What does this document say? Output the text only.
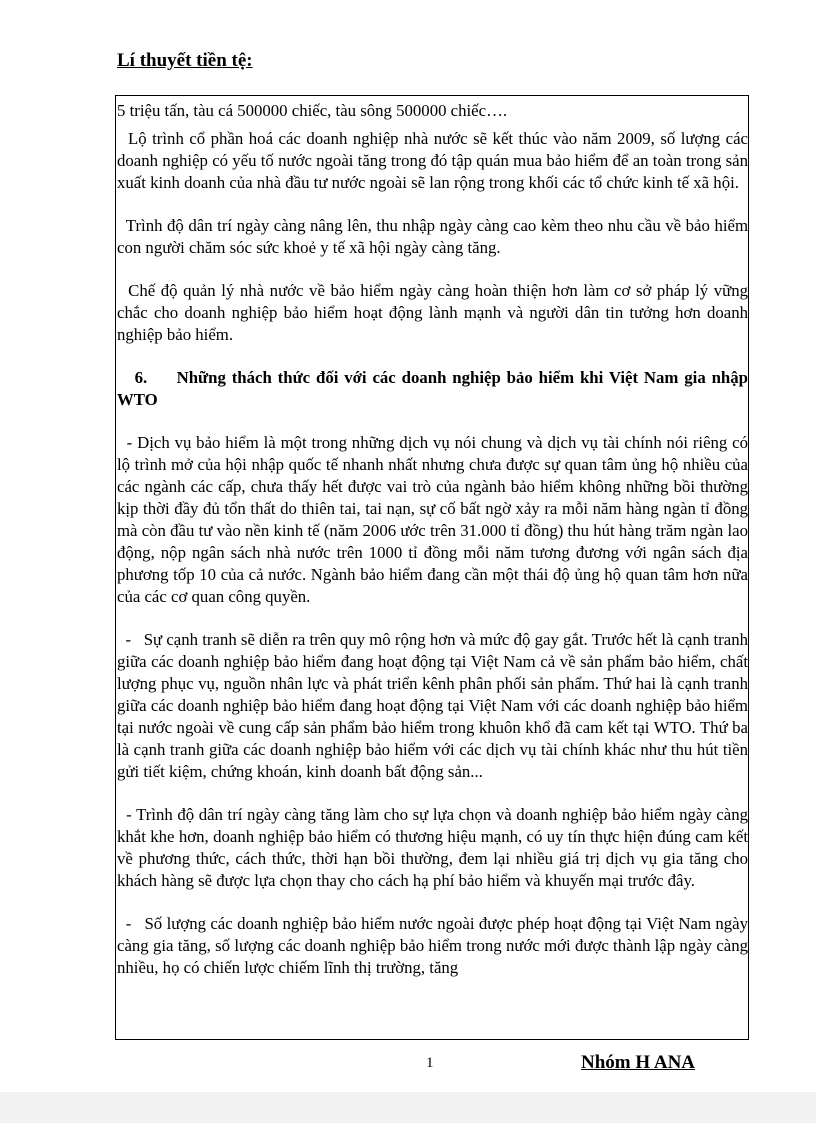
Lí thuyết tiền tệ:

5 triệu tấn, tàu cá 500000 chiếc, tàu sông 500000 chiếc….

Lộ trình cổ phần hoá các doanh nghiệp nhà nước sẽ kết thúc vào năm 2009, số lượng các doanh nghiệp có yếu tố nước ngoài tăng trong đó tập quán mua bảo hiểm để an toàn trong sản xuất kinh doanh của nhà đầu tư nước ngoài sẽ lan rộng trong khối các tổ chức kinh tế xã hội.

Trình độ dân trí ngày càng nâng lên, thu nhập ngày càng cao kèm theo nhu cầu về bảo hiểm con người chăm sóc sức khoẻ y tế xã hội ngày càng tăng.

Chế độ quản lý nhà nước về bảo hiểm ngày càng hoàn thiện hơn làm cơ sở pháp lý vững chắc cho doanh nghiệp bảo hiểm hoạt động lành mạnh và người dân tin tưởng hơn doanh nghiệp bảo hiểm.

6.     Những thách thức đối với các doanh nghiệp bảo hiểm khi Việt Nam gia nhập WTO

- Dịch vụ bảo hiểm là một trong những dịch vụ nói chung và dịch vụ tài chính nói riêng có lộ trình mở của hội nhập quốc tế nhanh nhất nhưng chưa được sự quan tâm ủng hộ nhiều của các ngành các cấp, chưa thấy hết được vai trò của ngành bảo hiểm không những bồi thường kịp thời đầy đủ tổn thất do thiên tai, tai nạn, sự cố bất ngờ xảy ra mỗi năm hàng ngàn tỉ đồng mà còn đầu tư vào nền kinh tế (năm 2006 ước trên 31.000 tỉ đồng) thu hút hàng trăm ngàn lao động, nộp ngân sách nhà nước trên 1000 tỉ đồng mỗi năm tương đương với ngân sách địa phương tốp 10 của cả nước. Ngành bảo hiểm đang cần một thái độ ủng hộ quan tâm hơn nữa của các cơ quan công quyền.

-   Sự cạnh tranh sẽ diễn ra trên quy mô rộng hơn và mức độ gay gắt. Trước hết là cạnh tranh giữa các doanh nghiệp bảo hiểm đang hoạt động tại Việt Nam cả về sản phẩm bảo hiểm, chất lượng phục vụ, nguồn nhân lực và phát triển kênh phân phối sản phẩm. Thứ hai là cạnh tranh giữa các doanh nghiệp bảo hiểm đang hoạt động tại Việt Nam với các doanh nghiệp bảo hiểm tại nước ngoài về cung cấp sản phẩm bảo hiểm trong khuôn khổ đã cam kết tại WTO. Thứ ba là cạnh tranh giữa các doanh nghiệp bảo hiểm với các dịch vụ tài chính khác như thu hút tiền gửi tiết kiệm, chứng khoán, kinh doanh bất động sản...

- Trình độ dân trí ngày càng tăng làm cho sự lựa chọn và doanh nghiệp bảo hiểm ngày càng khắt khe hơn, doanh nghiệp bảo hiểm có thương hiệu mạnh, có uy tín thực hiện đúng cam kết về phương thức, cách thức, thời hạn bồi thường, đem lại nhiều giá trị dịch vụ gia tăng cho khách hàng sẽ được lựa chọn thay cho cách hạ phí bảo hiểm và khuyến mại trước đây.

-   Số lượng các doanh nghiệp bảo hiểm nước ngoài được phép hoạt động tại Việt Nam ngày càng gia tăng, số lượng các doanh nghiệp bảo hiểm trong nước mới được thành lập ngày càng nhiều, họ có chiến lược chiếm lĩnh thị trường, tăng

1	Nhóm H ANA
